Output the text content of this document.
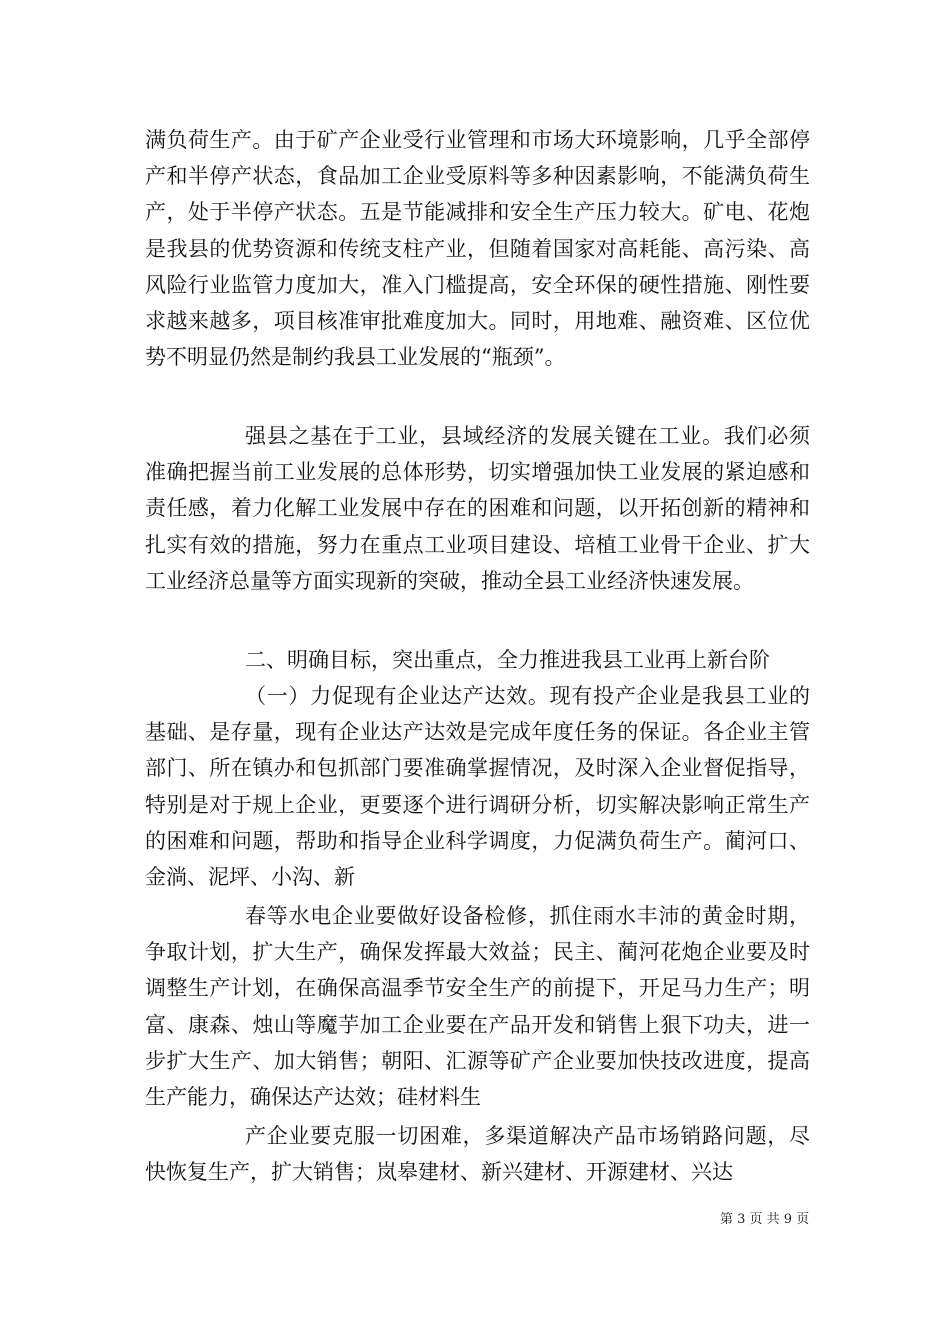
满负荷生产。由于矿产企业受行业管理和市场大环境影响，几乎全部停产和半停产状态，食品加工企业受原料等多种因素影响，不能满负荷生产，处于半停产状态。五是节能减排和安全生产压力较大。矿电、花炮是我县的优势资源和传统支柱产业，但随着国家对高耗能、高污染、高风险行业监管力度加大，准入门槛提高，安全环保的硬性措施、刚性要求越来越多，项目核准审批难度加大。同时，用地难、融资难、区位优势不明显仍然是制约我县工业发展的“瓶颈”。

强县之基在于工业，县域经济的发展关键在工业。我们必须准确把握当前工业发展的总体形势，切实增强加快工业发展的紧迫感和责任感，着力化解工业发展中存在的困难和问题，以开拓创新的精神和扎实有效的措施，努力在重点工业项目建设、培植工业骨干企业、扩大工业经济总量等方面实现新的突破，推动全县工业经济快速发展。

二、明确目标，突出重点，全力推进我县工业再上新台阶

（一）力促现有企业达产达效。现有投产企业是我县工业的基础、是存量，现有企业达产达效是完成年度任务的保证。各企业主管部门、所在镇办和包抓部门要准确掌握情况，及时深入企业督促指导，特别是对于规上企业，更要逐个进行调研分析，切实解决影响正常生产的困难和问题，帮助和指导企业科学调度，力促满负荷生产。蔺河口、金淌、泥坪、小沟、新

春等水电企业要做好设备检修，抓住雨水丰沛的黄金时期，争取计划，扩大生产，确保发挥最大效益；民主、蔺河花炮企业要及时调整生产计划，在确保高温季节安全生产的前提下，开足马力生产；明富、康森、烛山等魔芋加工企业要在产品开发和销售上狠下功夫，进一步扩大生产、加大销售；朝阳、汇源等矿产企业要加快技改进度，提高生产能力，确保达产达效；硅材料生

产企业要克服一切困难，多渠道解决产品市场销路问题，尽快恢复生产，扩大销售；岚皋建材、新兴建材、开源建材、兴达

第 3 页 共 9 页
